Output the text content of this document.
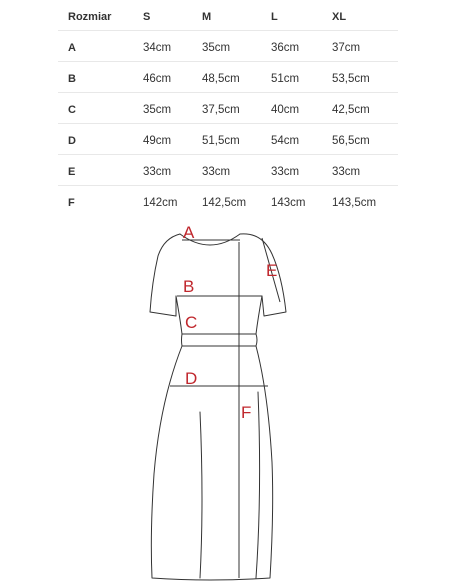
Rozmiar	S	M	L	XL
A	34cm	35cm	36cm	37cm
B	46cm	48,5cm	51cm	53,5cm
C	35cm	37,5cm	40cm	42,5cm
D	49cm	51,5cm	54cm	56,5cm
E	33cm	33cm	33cm	33cm
F	142cm 142,5cm 143cm 143,5cm
A
B
C
D
E
F
